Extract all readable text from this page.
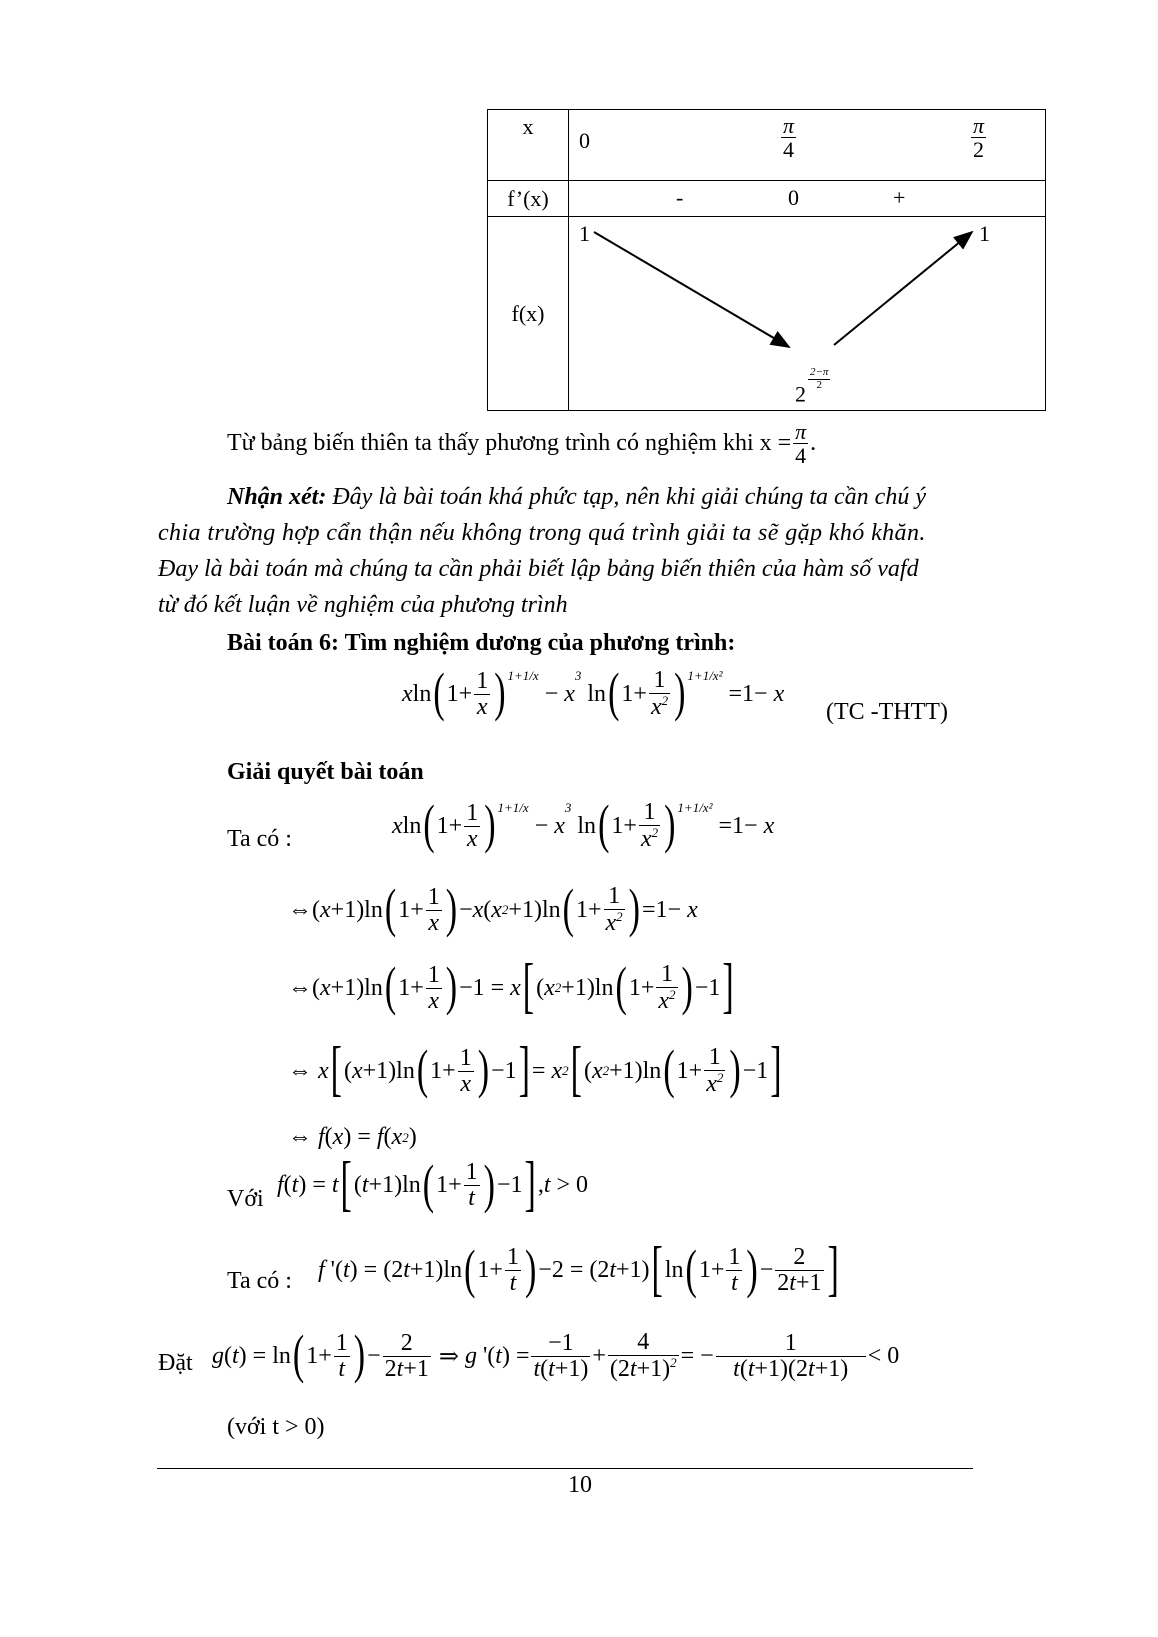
x	$0 \frac{\pi}{4} \frac{\pi}{2}$

f’(x)	- 0 +

f(x)	1 1
2
$\frac{2-\pi}{2}$
Từ bảng biến thiên ta thấy phương trình có nghiệm khi $x = \frac{\pi}{4}$ .
Nhận xét: Đây là bài toán khá phức tạp, nên khi giải chúng ta cần chú ý
chia trường hợp cẩn thận nếu không trong quá trình giải ta sẽ gặp khó khăn.
Đay là bài toán mà chúng ta cần phải biết lập bảng biến thiên của hàm số vafd
từ đó kết luận về nghiệm của phương trình
Bài toán 6: Tìm nghiệm dương của phương trình:
x ln ( $1+ \frac{1}{x} )^{1+1/x}$
− x
$^3$
ln ( $1+ \frac{1}{x^2} )^{1+1/x^2}$
=1− x
(TC -THTT)
Giải quyết bài toán
Ta có :
x ln ( $1+ \frac{1}{x} )^{1+1/x}$
− x
$^3$
ln ( $1+ \frac{1}{x^2} )^{1+1/x^2}$
=1− x
⇔ ( x +1)ln ( $1+ \frac{1}{x}$ ) − x ( x 2 +1)ln ( $1+ \frac{1}{x^2}$ ) =1− x
⇔ ( x +1)ln ( $1+ \frac{1}{x}$ ) −1 = x [ ( x 2 +1)ln ( $1+ \frac{1}{x^2}$ ) −1 ]
⇔ x [ ( x +1)ln ( $1+ \frac{1}{x}$ ) −1 ] = x 2 [ ( x 2 +1)ln ( $1+ \frac{1}{x^2}$ ) −1 ]
⇔ f ( x ) = f ( x 2 )
Với
f ( t ) = t [ ( t +1)ln ( $1+ \frac{1}{t}$ ) −1 ] , t > 0
Ta có : f '( t ) = (2 t +1)ln ( $1+ \frac{1}{t}$ ) −2 = (2 t +1) [ ln ( $1+ \frac{1}{t}$ ) − $\frac{2}{2t+1}$ ]
Đặt g ( t ) = ln ( $1+ \frac{1}{t}$ ) − $\frac{2}{2t+1}$ ⇒ g '( t ) = $\frac{-1}{t(t+1)} + \frac{4}{(2t+1)^2}$ = − $\frac{1}{t(t+1)(2t+1)} < 0$
(với t > 0)
10
